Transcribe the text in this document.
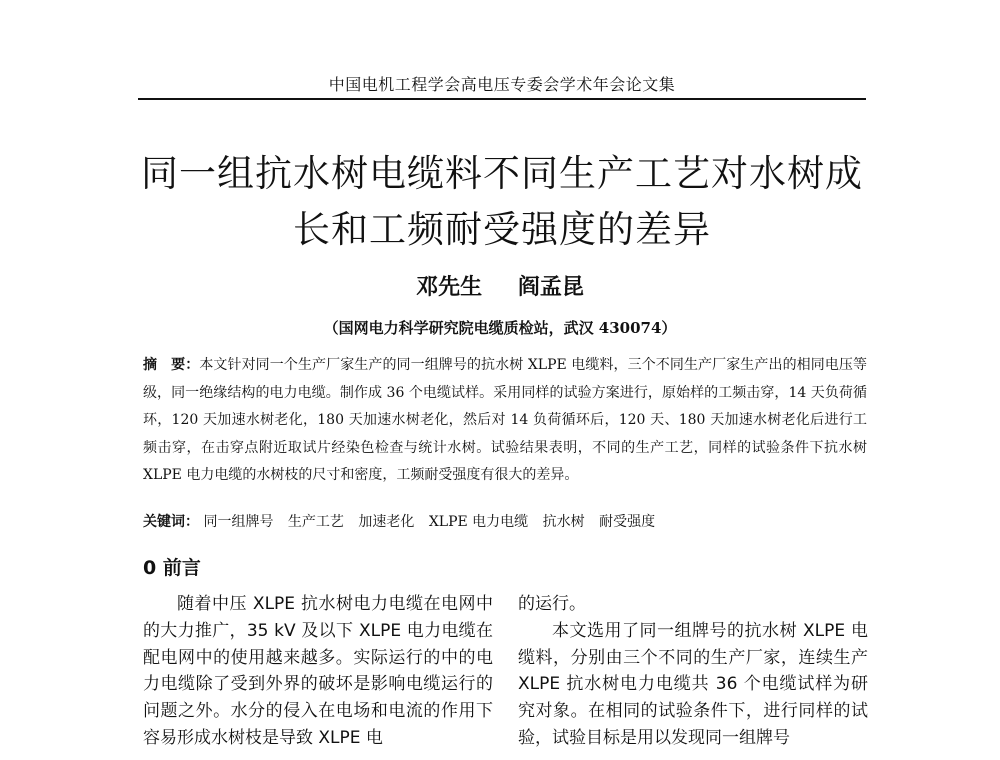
中国电机工程学会高电压专委会学术年会论文集
同一组抗水树电缆料不同生产工艺对水树成
长和工频耐受强度的差异
邓先生 阎孟昆
（国网电力科学研究院电缆质检站，武汉 430074）
摘　要：本文针对同一个生产厂家生产的同一组牌号的抗水树 XLPE 电缆料，三个不同生产厂家生产出的相同电压等级，同一绝缘结构的电力电缆。制作成 36 个电缆试样。采用同样的试验方案进行，原始样的工频击穿，14 天负荷循环，120 天加速水树老化，180 天加速水树老化，然后对 14 负荷循环后，120 天、180 天加速水树老化后进行工频击穿，在击穿点附近取试片经染色检查与统计水树。试验结果表明，不同的生产工艺，同样的试验条件下抗水树 XLPE 电力电缆的水树枝的尺寸和密度，工频耐受强度有很大的差异。
关键词： 同一组牌号 生产工艺 加速老化 XLPE 电力电缆 抗水树 耐受强度
0 前言

随着中压 XLPE 抗水树电力电缆在电网中的大力推广，35 kV 及以下 XLPE 电力电缆在配电网中的使用越来越多。实际运行的中的电力电缆除了受到外界的破坏是影响电缆运行的问题之外。水分的侵入在电场和电流的作用下容易形成水树枝是导致 XLPE 电

的运行。

本文选用了同一组牌号的抗水树 XLPE 电缆料，分别由三个不同的生产厂家，连续生产XLPE 抗水树电力电缆共 36 个电缆试样为研究对象。在相同的试验条件下，进行同样的试验，试验目标是用以发现同一组牌号
